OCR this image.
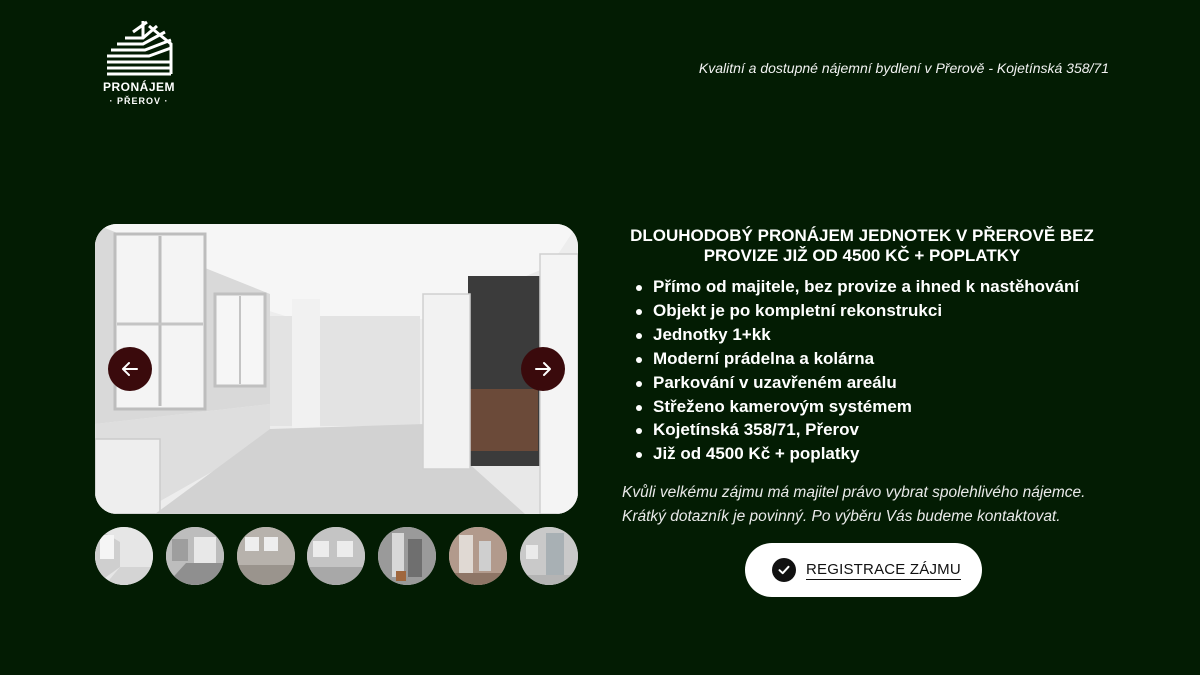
PRONÁJEM
· PŘEROV ·
Kvalitní a dostupné nájemní bydlení v Přerově - Kojetínská 358/71
DLOUHODOBÝ PRONÁJEM JEDNOTEK V PŘEROVĚ BEZ PROVIZE JIŽ OD 4500 KČ + POPLATKY
Přímo od majitele, bez provize a ihned k nastěhování
Objekt je po kompletní rekonstrukci
Jednotky 1+kk
Moderní prádelna a kolárna
Parkování v uzavřeném areálu
Střeženo kamerovým systémem
Kojetínská 358/71, Přerov
Již od 4500 Kč + poplatky

Kvůli velkému zájmu má majitel právo vybrat spolehlivého nájemce. Krátký dotazník je povinný. Po výběru Vás budeme kontaktovat.

REGISTRACE ZÁJMU
